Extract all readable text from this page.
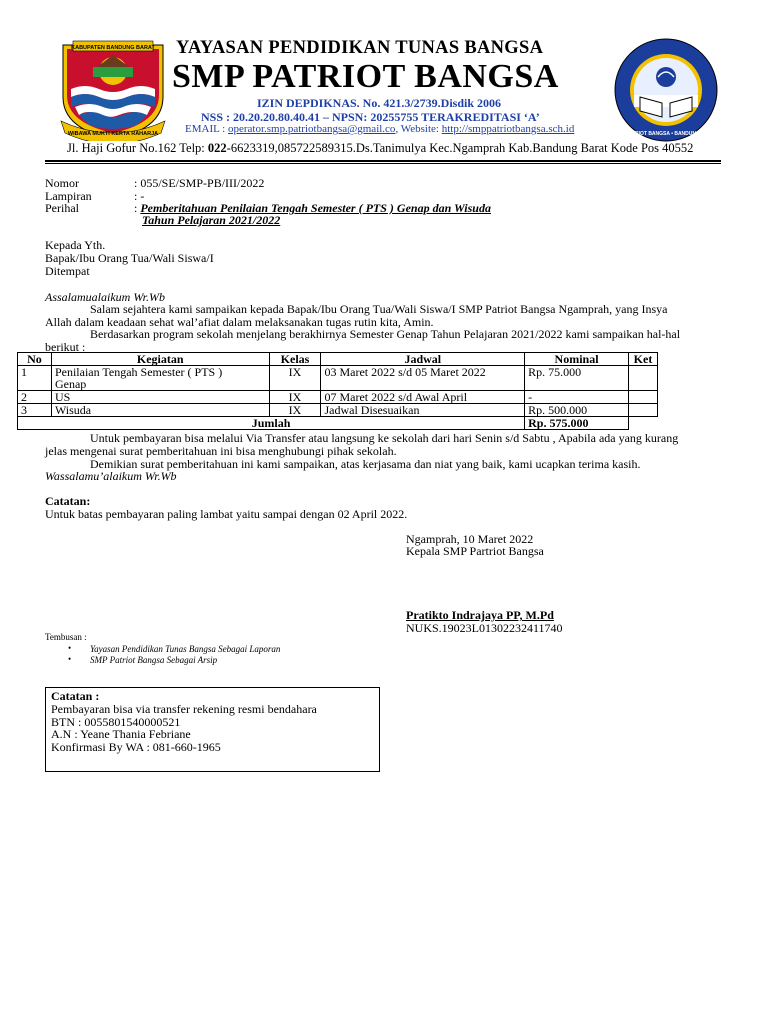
KABUPATEN BANDUNG BARAT
WIBAWA MUKTI KERTA RAHARJA	SMP PATRIOT BANGSA • BANDUNG BARAT
YAYASAN PENDIDIKAN TUNAS BANGSA
SMP PATRIOT BANGSA
IZIN DEPDIKNAS. No. 421.3/2739.Disdik 2006
NSS : 20.20.20.80.40.41 – NPSN: 20255755 TERAKREDITASI ‘A’
EMAIL : operator.smp.patriotbangsa@gmail.co, Website: http://smppatriotbangsa.sch.id
Jl. Haji Gofur No.162 Telp: 022-6623319,085722589315.Ds.Tanimulya Kec.Ngamprah Kab.Bandung Barat Kode Pos 40552
Nomor	: 055/SE/SMP-PB/III/2022
Lampiran	: -
Perihal	: Pemberitahuan Penilaian Tengah Semester ( PTS ) Genap dan Wisuda
Tahun Pelajaran 2021/2022
Kepada Yth.
Bapak/Ibu Orang Tua/Wali Siswa/I
Ditempat
Assalamualaikum Wr.Wb
Salam sejahtera kami sampaikan kepada Bapak/Ibu Orang Tua/Wali Siswa/I SMP Patriot Bangsa Ngamprah, yang Insya
Allah dalam keadaan sehat wal’afiat dalam melaksanakan tugas rutin kita, Amin.
Berdasarkan program sekolah menjelang berakhirnya Semester Genap Tahun Pelajaran 2021/2022 kami sampaikan hal-hal
berikut :
No	Kegiatan	Kelas	Jadwal	Nominal	Ket
1	Penilaian Tengah Semester ( PTS )
Genap	IX	03 Maret 2022 s/d 05 Maret 2022	Rp. 75.000	
2	US	IX	07 Maret 2022 s/d Awal April	-	
3	Wisuda	IX	Jadwal Disesuaikan	Rp. 500.000	
Jumlah				Rp. 575.000	
Untuk pembayaran bisa melalui Via Transfer atau langsung ke sekolah dari hari Senin s/d Sabtu , Apabila ada yang kurang
jelas mengenai surat pemberitahuan ini bisa menghubungi pihak sekolah.
Demikian surat pemberitahuan ini kami sampaikan, atas kerjasama dan niat yang baik, kami ucapkan terima kasih.
Wassalamu’alaikum Wr.Wb
Catatan:
Untuk batas pembayaran paling lambat yaitu sampai dengan 02 April 2022.
Ngamprah, 10 Maret 2022
Kepala SMP Partriot Bangsa
Pratikto Indrajaya PP, M.Pd
NUKS.19023L01302232411740
Tembusan :
• Yayasan Pendidikan Tunas Bangsa Sebagai Laporan
• SMP Patriot Bangsa Sebagai Arsip
Catatan :
Pembayaran bisa via transfer rekening resmi bendahara
BTN : 0055801540000521
A.N : Yeane Thania Febriane
Konfirmasi By WA : 081-660-1965
